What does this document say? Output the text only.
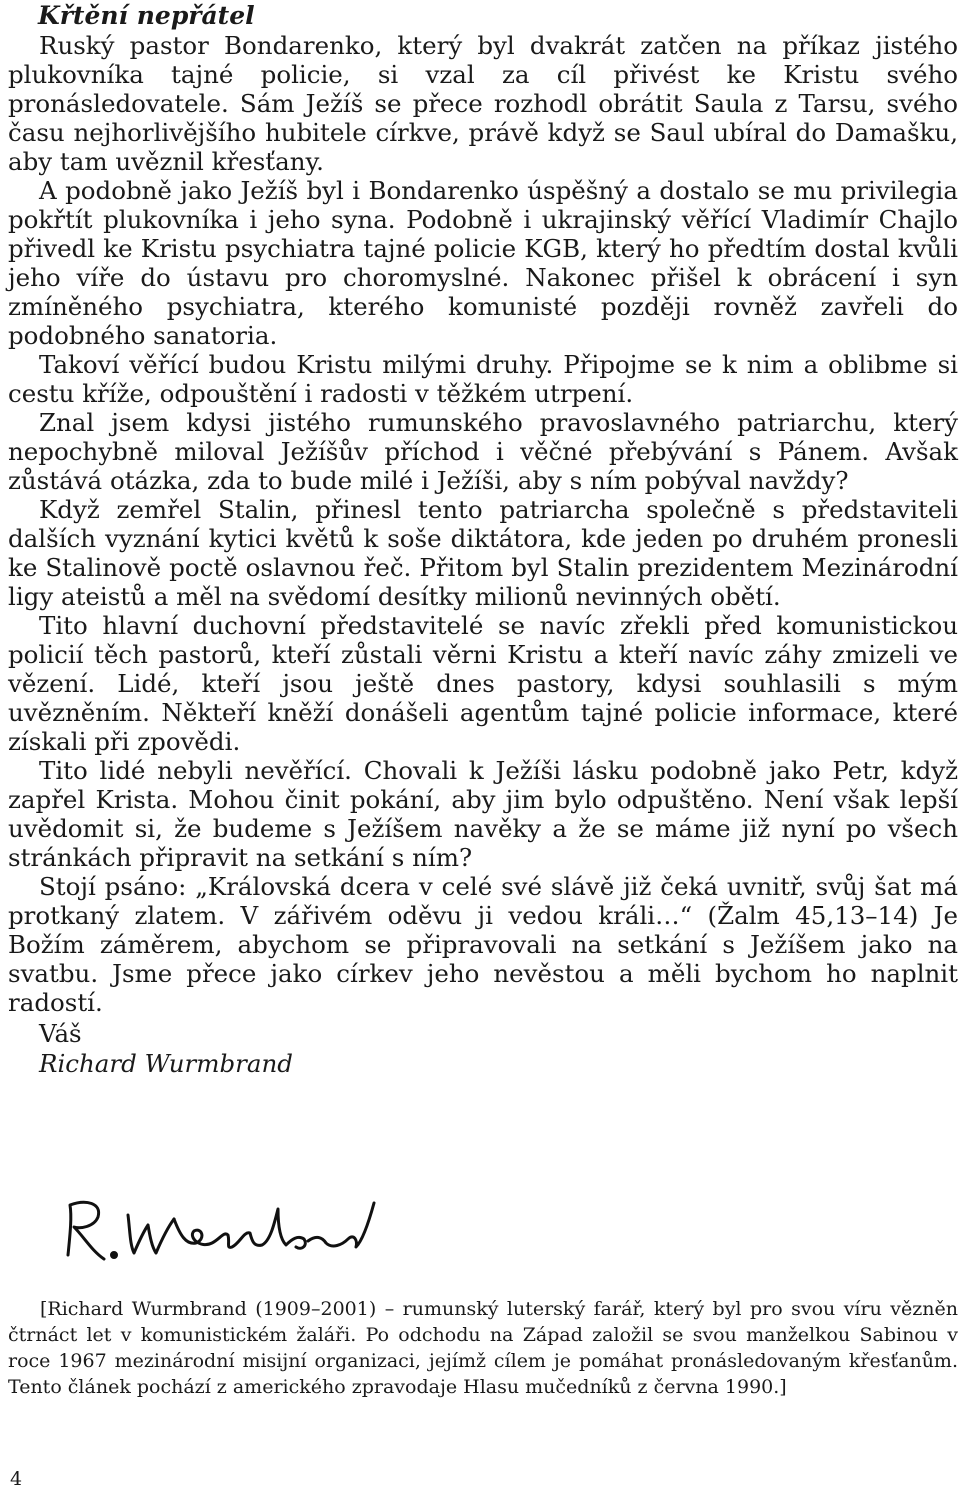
Křtění nepřátel

Ruský pastor Bondarenko, který byl dvakrát zatčen na příkaz jistého plukovníka tajné policie, si vzal za cíl přivést ke Kristu svého pronásledovatele. Sám Ježíš se přece rozhodl obrátit Saula z Tarsu, svého času nejhorlivějšího hubitele církve, právě když se Saul ubíral do Damašku, aby tam uvěznil křesťany.

A podobně jako Ježíš byl i Bondarenko úspěšný a dostalo se mu privilegia pokřtít plukovníka i jeho syna. Podobně i ukrajinský věřící Vladimír Chajlo přivedl ke Kristu psychiatra tajné policie KGB, který ho předtím dostal kvůli jeho víře do ústavu pro choromyslné. Nakonec přišel k obrácení i syn zmíněného psychiatra, kterého komunisté později rovněž zavřeli do podobného sanatoria.

Takoví věřící budou Kristu milými druhy. Připojme se k nim a oblibme si cestu kříže, odpouštění i radosti v těžkém utrpení.

Znal jsem kdysi jistého rumunského pravoslavného patriarchu, který nepochybně miloval Ježíšův příchod i věčné přebývání s Pánem. Avšak zůstává otázka, zda to bude milé i Ježíši, aby s ním pobýval navždy?

Když zemřel Stalin, přinesl tento patriarcha společně s představiteli dalších vyznání kytici květů k soše diktátora, kde jeden po druhém pronesli ke Stalinově poctě oslavnou řeč. Přitom byl Stalin prezidentem Mezinárodní ligy ateistů a měl na svědomí desítky milionů nevinných obětí.

Tito hlavní duchovní představitelé se navíc zřekli před komunistickou policií těch pastorů, kteří zůstali věrni Kristu a kteří navíc záhy zmizeli ve vězení. Lidé, kteří jsou ještě dnes pastory, kdysi souhlasili s mým uvězněním. Někteří kněží donášeli agentům tajné policie informace, které získali při zpovědi.

Tito lidé nebyli nevěřící. Chovali k Ježíši lásku podobně jako Petr, když zapřel Krista. Mohou činit pokání, aby jim bylo odpuštěno. Není však lepší uvědomit si, že budeme s Ježíšem navěky a že se máme již nyní po všech stránkách připravit na setkání s ním?

Stojí psáno: „Královská dcera v celé své slávě již čeká uvnitř, svůj šat má protkaný zlatem. V zářivém oděvu ji vedou králi…“ (Žalm 45,13–14) Je Božím záměrem, abychom se připravovali na setkání s Ježíšem jako na svatbu. Jsme přece jako církev jeho nevěstou a měli bychom ho naplnit radostí.

Váš
Richard Wurmbrand

[Richard Wurmbrand (1909–2001) – rumunský luterský farář, který byl pro svou víru vězněn čtrnáct let v komunistickém žaláři. Po odchodu na Západ založil se svou manželkou Sabinou v roce 1967 mezinárodní misijní organizaci, jejímž cílem je pomáhat pronásledovaným křesťanům. Tento článek pochází z amerického zpravodaje Hlasu mučedníků z června 1990.]

4
